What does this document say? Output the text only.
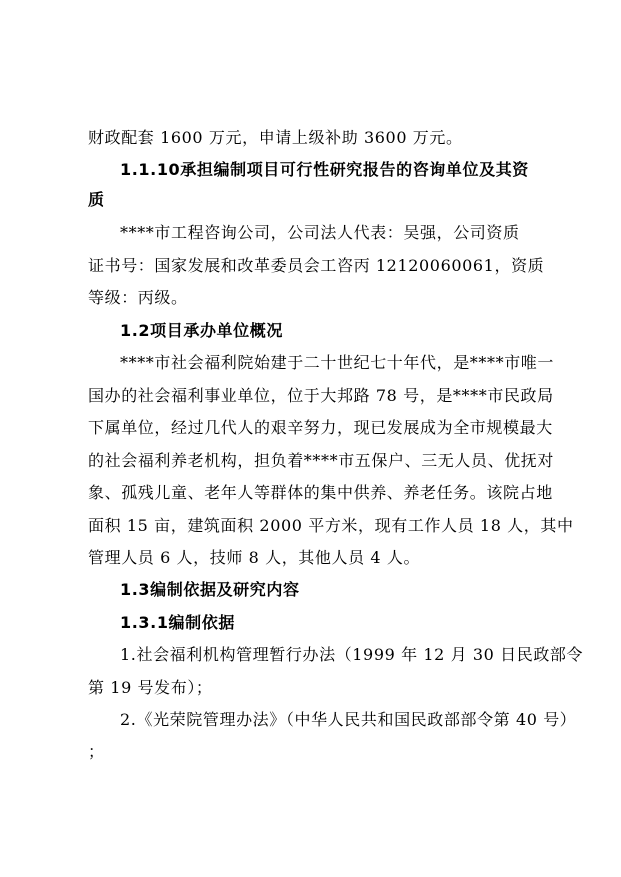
财政配套 1600 万元，申请上级补助 3600 万元。
1.1.10承担编制项目可行性研究报告的咨询单位及其资
质
****市工程咨询公司，公司法人代表：吴强，公司资质
证书号：国家发展和改革委员会工咨丙 12120060061，资质
等级：丙级。
1.2项目承办单位概况
****市社会福利院始建于二十世纪七十年代，是****市唯一
国办的社会福利事业单位，位于大邦路 78 号，是****市民政局
下属单位，经过几代人的艰辛努力，现已发展成为全市规模最大
的社会福利养老机构，担负着****市五保户、三无人员、优抚对
象、孤残儿童、老年人等群体的集中供养、养老任务。该院占地
面积 15 亩，建筑面积 2000 平方米，现有工作人员 18 人，其中
管理人员 6 人，技师 8 人，其他人员 4 人。
1.3编制依据及研究内容
1.3.1编制依据
1.社会福利机构管理暂行办法（1999 年 12 月 30 日民政部令
第 19 号发布）；
2.《光荣院管理办法》（中华人民共和国民政部部令第 40 号）
；
